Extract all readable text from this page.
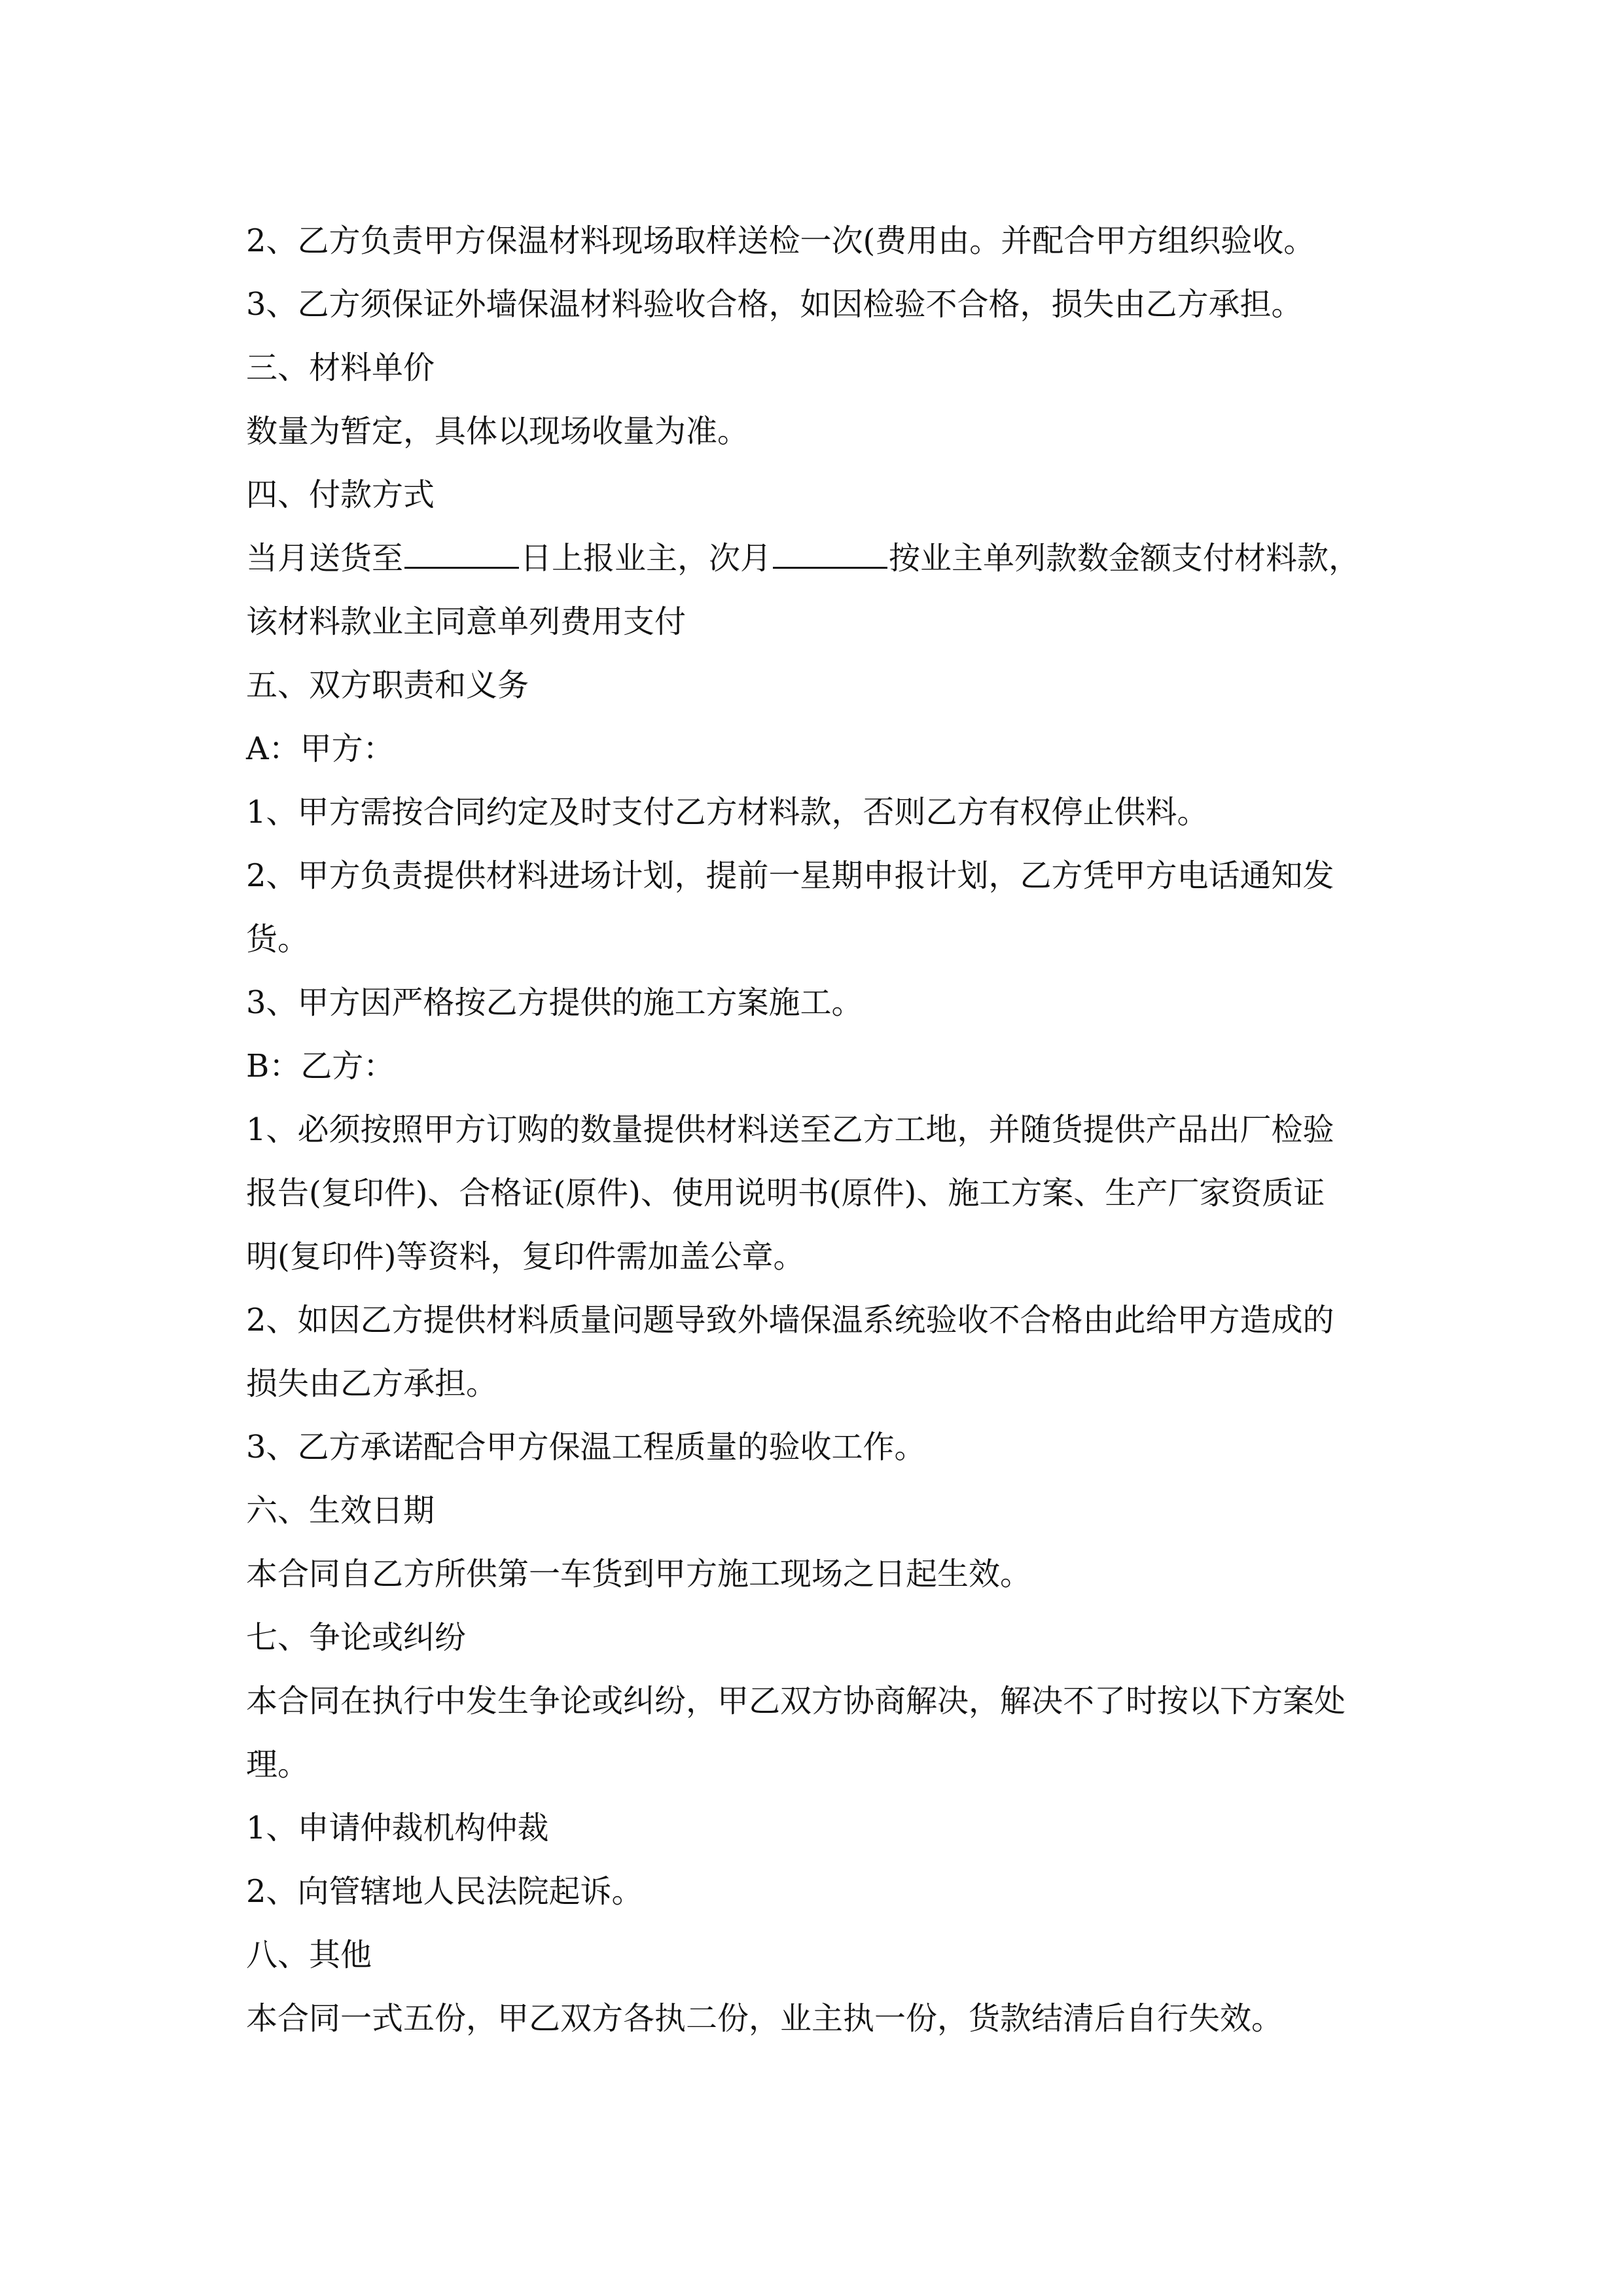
2、乙方负责甲方保温材料现场取样送检一次(费用由。并配合甲方组织验收。

3、乙方须保证外墙保温材料验收合格，如因检验不合格，损失由乙方承担。

三、材料单价

数量为暂定，具体以现场收量为准。

四、付款方式

当月送货至	日上报业主，次月	按业主单列款数金额支付材料款，

该材料款业主同意单列费用支付

五、双方职责和义务

A：甲方：

1、甲方需按合同约定及时支付乙方材料款，否则乙方有权停止供料。

2、甲方负责提供材料进场计划，提前一星期申报计划，乙方凭甲方电话通知发

货。

3、甲方因严格按乙方提供的施工方案施工。

B：乙方：

1、必须按照甲方订购的数量提供材料送至乙方工地，并随货提供产品出厂检验

报告(复印件)、合格证(原件)、使用说明书(原件)、施工方案、生产厂家资质证

明(复印件)等资料，复印件需加盖公章。

2、如因乙方提供材料质量问题导致外墙保温系统验收不合格由此给甲方造成的

损失由乙方承担。

3、乙方承诺配合甲方保温工程质量的验收工作。

六、生效日期

本合同自乙方所供第一车货到甲方施工现场之日起生效。

七、争论或纠纷

本合同在执行中发生争论或纠纷，甲乙双方协商解决，解决不了时按以下方案处

理。

1、申请仲裁机构仲裁

2、向管辖地人民法院起诉。

八、其他

本合同一式五份，甲乙双方各执二份，业主执一份，货款结清后自行失效。
